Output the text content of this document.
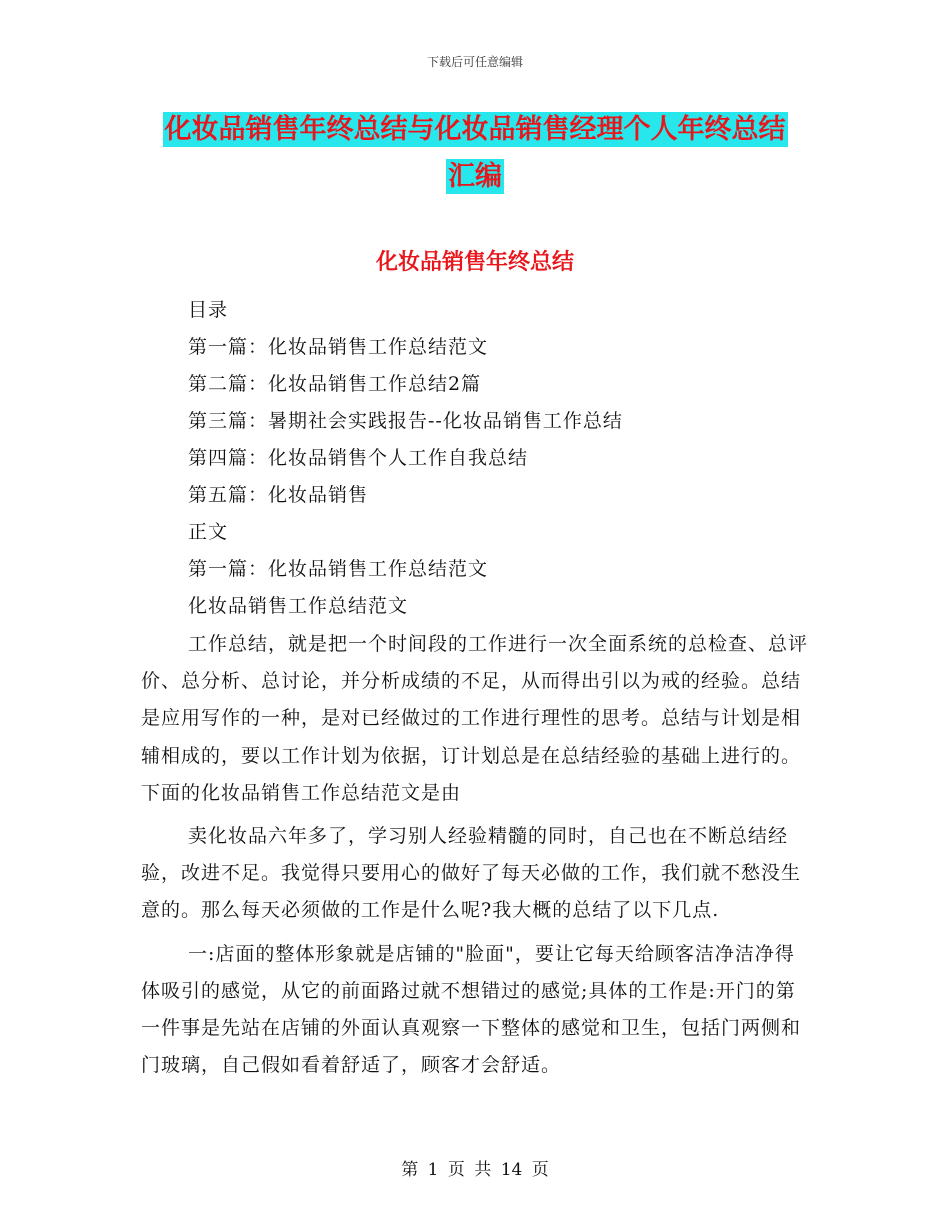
下载后可任意编辑
化妆品销售年终总结与化妆品销售经理个人年终总结
汇编
化妆品销售年终总结
目录
第一篇：化妆品销售工作总结范文
第二篇：化妆品销售工作总结2篇
第三篇：暑期社会实践报告--化妆品销售工作总结
第四篇：化妆品销售个人工作自我总结
第五篇：化妆品销售
正文
第一篇：化妆品销售工作总结范文
化妆品销售工作总结范文

工作总结，就是把一个时间段的工作进行一次全面系统的总检查、总评价、总分析、总讨论，并分析成绩的不足，从而得出引以为戒的经验。总结是应用写作的一种，是对已经做过的工作进行理性的思考。总结与计划是相辅相成的，要以工作计划为依据，订计划总是在总结经验的基础上进行的。下面的化妆品销售工作总结范文是由

卖化妆品六年多了，学习别人经验精髓的同时，自己也在不断总结经验，改进不足。我觉得只要用心的做好了每天必做的工作，我们就不愁没生意的。那么每天必须做的工作是什么呢?我大概的总结了以下几点.

一:店面的整体形象就是店铺的"脸面"，要让它每天给顾客洁净洁净得体吸引的感觉，从它的前面路过就不想错过的感觉;具体的工作是:开门的第一件事是先站在店铺的外面认真观察一下整体的感觉和卫生，包括门两侧和门玻璃，自己假如看着舒适了，顾客才会舒适。

第 1 页 共 14 页
